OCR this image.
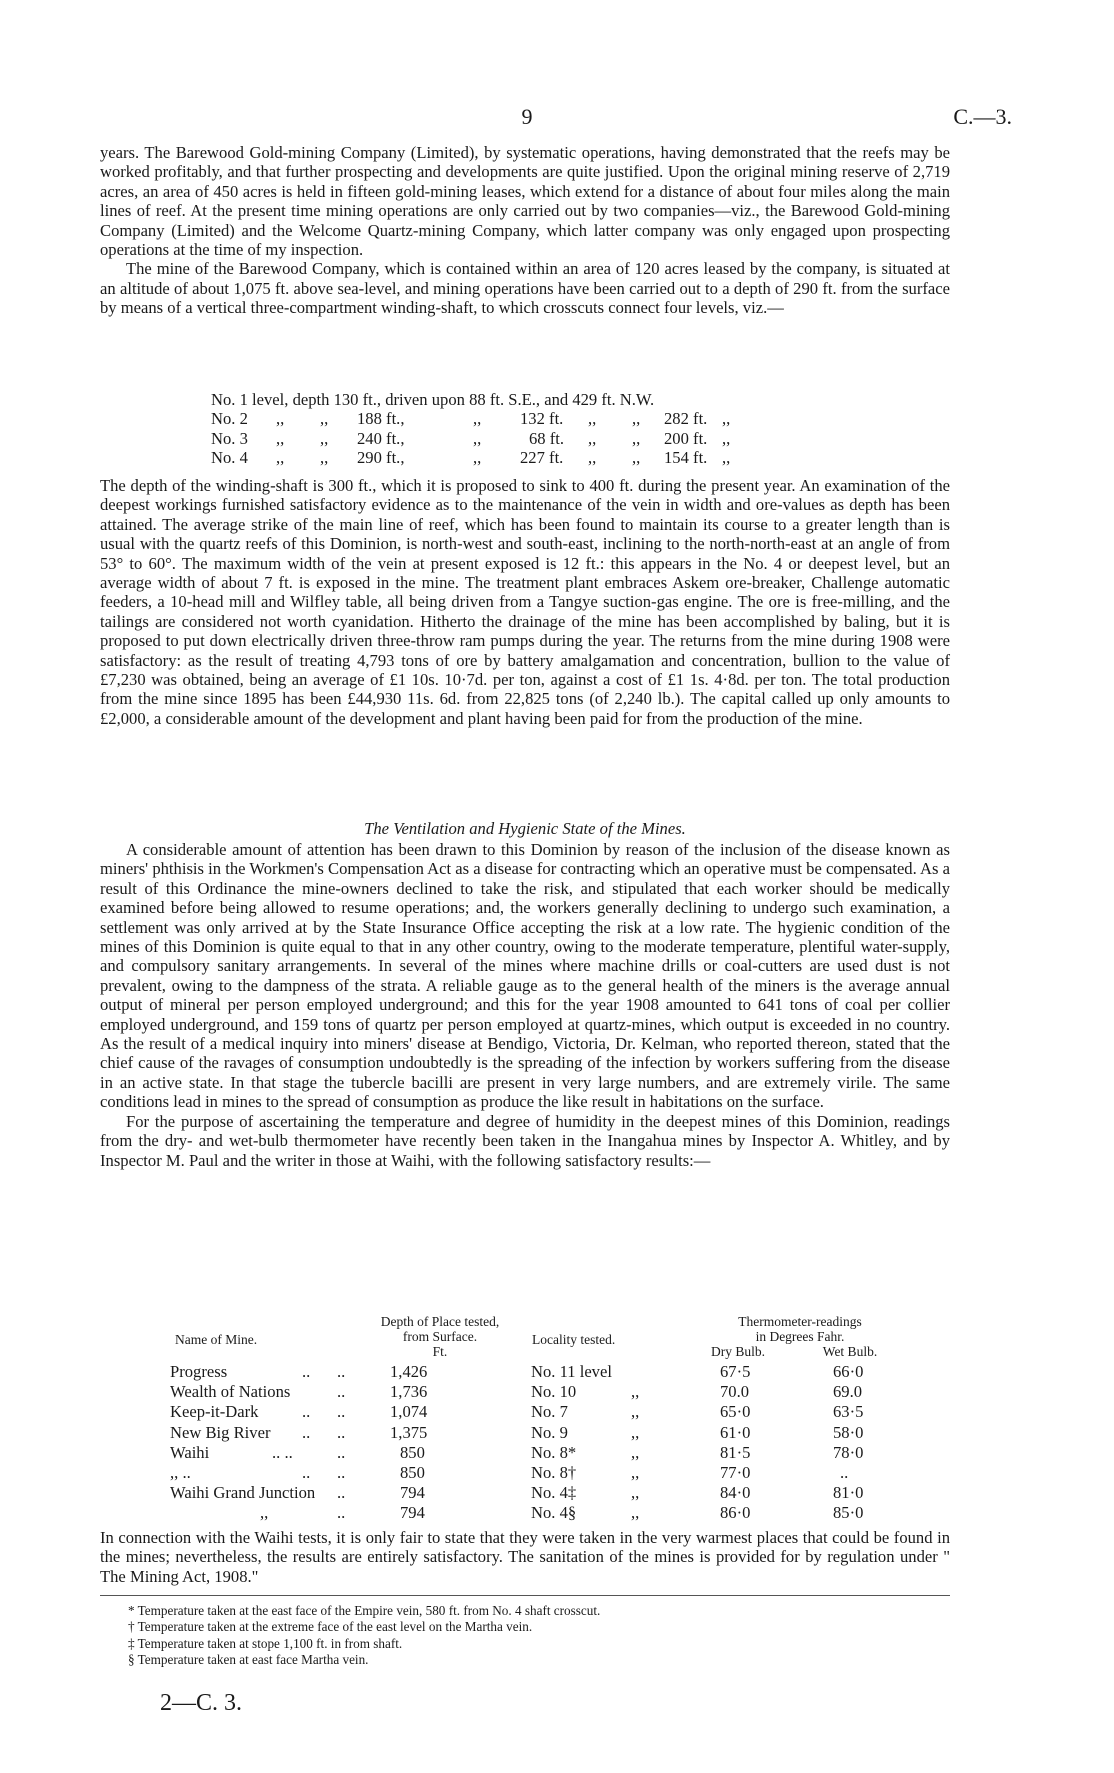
9	C.—3.

years. The Barewood Gold-mining Company (Limited), by systematic operations, having demonstrated that the reefs may be worked profitably, and that further prospecting and developments are quite justified. Upon the original mining reserve of 2,719 acres, an area of 450 acres is held in fifteen gold-mining leases, which extend for a distance of about four miles along the main lines of reef. At the present time mining operations are only carried out by two companies—viz., the Barewood Gold-mining Company (Limited) and the Welcome Quartz-mining Company, which latter company was only engaged upon prospecting operations at the time of my inspection.

The mine of the Barewood Company, which is contained within an area of 120 acres leased by the company, is situated at an altitude of about 1,075 ft. above sea-level, and mining operations have been carried out to a depth of 290 ft. from the surface by means of a vertical three-compartment winding-shaft, to which crosscuts connect four levels, viz.—

No. 1 level, depth 130 ft., driven upon 88 ft. S.E., and 429 ft. N.W.
No. 2 ,, ,, 188 ft.,	,, 132 ft. ,, ,, 282 ft. ,,
No. 3 ,, ,, 240 ft.,	,,	68 ft. ,, ,, 200 ft. ,,
No. 4 ,, ,, 290 ft.,	,, 227 ft. ,, ,, 154 ft. ,,

The depth of the winding-shaft is 300 ft., which it is proposed to sink to 400 ft. during the present year. An examination of the deepest workings furnished satisfactory evidence as to the maintenance of the vein in width and ore-values as depth has been attained. The average strike of the main line of reef, which has been found to maintain its course to a greater length than is usual with the quartz reefs of this Dominion, is north-west and south-east, inclining to the north-north-east at an angle of from 53° to 60°. The maximum width of the vein at present exposed is 12 ft.: this appears in the No. 4 or deepest level, but an average width of about 7 ft. is exposed in the mine. The treatment plant embraces Askem ore-breaker, Challenge automatic feeders, a 10-head mill and Wilfley table, all being driven from a Tangye suction-gas engine. The ore is free-milling, and the tailings are considered not worth cyanidation. Hitherto the drainage of the mine has been accomplished by baling, but it is proposed to put down electrically driven three-throw ram pumps during the year. The returns from the mine during 1908 were satisfactory: as the result of treating 4,793 tons of ore by battery amalgamation and concentration, bullion to the value of £7,230 was obtained, being an average of £1 10s. 10·7d. per ton, against a cost of £1 1s. 4·8d. per ton. The total production from the mine since 1895 has been £44,930 11s. 6d. from 22,825 tons (of 2,240 lb.). The capital called up only amounts to £2,000, a considerable amount of the development and plant having been paid for from the production of the mine.

The Ventilation and Hygienic State of the Mines.

A considerable amount of attention has been drawn to this Dominion by reason of the inclusion of the disease known as miners' phthisis in the Workmen's Compensation Act as a disease for contracting which an operative must be compensated. As a result of this Ordinance the mine-owners declined to take the risk, and stipulated that each worker should be medically examined before being allowed to resume operations; and, the workers generally declining to undergo such examination, a settlement was only arrived at by the State Insurance Office accepting the risk at a low rate. The hygienic condition of the mines of this Dominion is quite equal to that in any other country, owing to the moderate temperature, plentiful water-supply, and compulsory sanitary arrangements. In several of the mines where machine drills or coal-cutters are used dust is not prevalent, owing to the dampness of the strata. A reliable gauge as to the general health of the miners is the average annual output of mineral per person employed underground; and this for the year 1908 amounted to 641 tons of coal per collier employed underground, and 159 tons of quartz per person employed at quartz-mines, which output is exceeded in no country. As the result of a medical inquiry into miners' disease at Bendigo, Victoria, Dr. Kelman, who reported thereon, stated that the chief cause of the ravages of consumption undoubtedly is the spreading of the infection by workers suffering from the disease in an active state. In that stage the tubercle bacilli are present in very large numbers, and are extremely virile. The same conditions lead in mines to the spread of consumption as produce the like result in habitations on the surface.

For the purpose of ascertaining the temperature and degree of humidity in the deepest mines of this Dominion, readings from the dry- and wet-bulb thermometer have recently been taken in the Inangahua mines by Inspector A. Whitley, and by Inspector M. Paul and the writer in those at Waihi, with the following satisfactory results:—

Name of Mine.
Depth of Place tested,
from Surface.
Ft.
Locality tested.
Thermometer-readings
in Degrees Fahr.
Dry Bulb.	Wet Bulb.
Progress	.. ..	1,426	No. 11 level	67·5	66·0
Wealth of Nations	..	1,736	No. 10	,,	70.0	69.0
Keep-it-Dark	.. ..	1,074	No. 7	,,	65·0	63·5
New Big River .. ..	1,375	No. 9	,,	61·0	58·0
Waihi	.. ..	..	850	No. 8*	,,	81·5	78·0
,, ..	.. ..	850	No. 8†	,,	77·0	..
Waihi Grand Junction ..	794	No. 4‡	,,	84·0	81·0
,,	..	794	No. 4§	,,	86·0	85·0

In connection with the Waihi tests, it is only fair to state that they were taken in the very warmest places that could be found in the mines; nevertheless, the results are entirely satisfactory. The sanitation of the mines is provided for by regulation under " The Mining Act, 1908."

* Temperature taken at the east face of the Empire vein, 580 ft. from No. 4 shaft crosscut.
† Temperature taken at the extreme face of the east level on the Martha vein.
‡ Temperature taken at stope 1,100 ft. in from shaft.
§ Temperature taken at east face Martha vein.
2—C. 3.
